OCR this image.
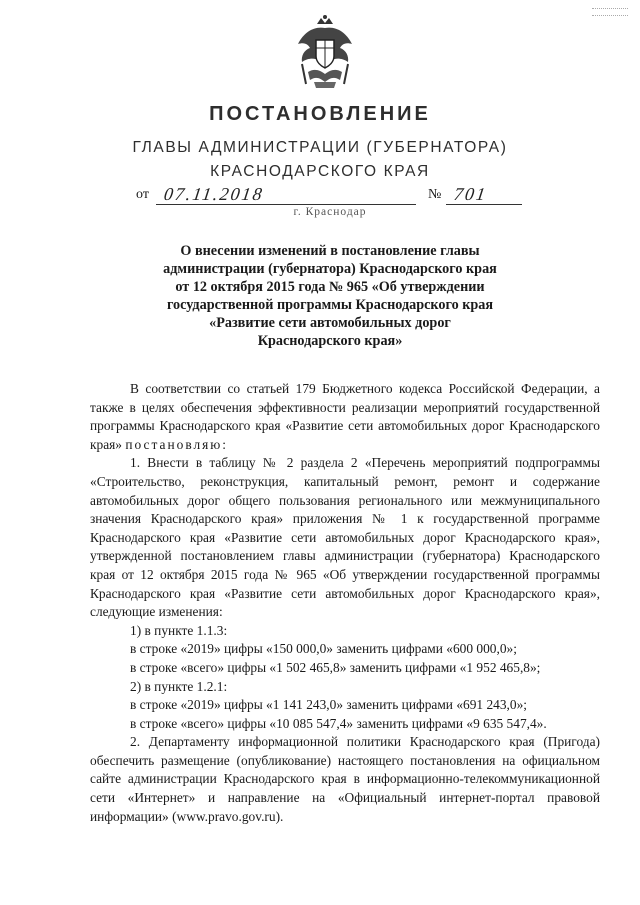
ПОСТАНОВЛЕНИЕ
ГЛАВЫ АДМИНИСТРАЦИИ (ГУБЕРНАТОРА)
КРАСНОДАРСКОГО КРАЯ
от 07.11.2018	№ 701
г. Краснодар
О внесении изменений в постановление главы
администрации (губернатора) Краснодарского края
от 12 октября 2015 года № 965 «Об утверждении
государственной программы Краснодарского края
«Развитие сети автомобильных дорог
Краснодарского края»

В соответствии со статьей 179 Бюджетного кодекса Российской Федерации, а также в целях обеспечения эффективности реализации мероприятий государственной программы Краснодарского края «Развитие сети автомобильных дорог Краснодарского края» постановляю:

1. Внести в таблицу № 2 раздела 2 «Перечень мероприятий подпрограммы «Строительство, реконструкция, капитальный ремонт, ремонт и содержание автомобильных дорог общего пользования регионального или межмуниципального значения Краснодарского края» приложения № 1 к государственной программе Краснодарского края «Развитие сети автомобильных дорог Краснодарского края», утвержденной постановлением главы администрации (губернатора) Краснодарского края от 12 октября 2015 года № 965 «Об утверждении государственной программы Краснодарского края «Развитие сети автомобильных дорог Краснодарского края», следующие изменения:

1) в пункте 1.1.3:
в строке «2019» цифры «150 000,0» заменить цифрами «600 000,0»;
в строке «всего» цифры «1 502 465,8» заменить цифрами «1 952 465,8»;
2) в пункте 1.2.1:
в строке «2019» цифры «1 141 243,0» заменить цифрами «691 243,0»;
в строке «всего» цифры «10 085 547,4» заменить цифрами «9 635 547,4».

2. Департаменту информационной политики Краснодарского края (Пригода) обеспечить размещение (опубликование) настоящего постановления на официальном сайте администрации Краснодарского края в информационно-телекоммуникационной сети «Интернет» и направление на «Официальный интернет-портал правовой информации» (www.pravo.gov.ru).
